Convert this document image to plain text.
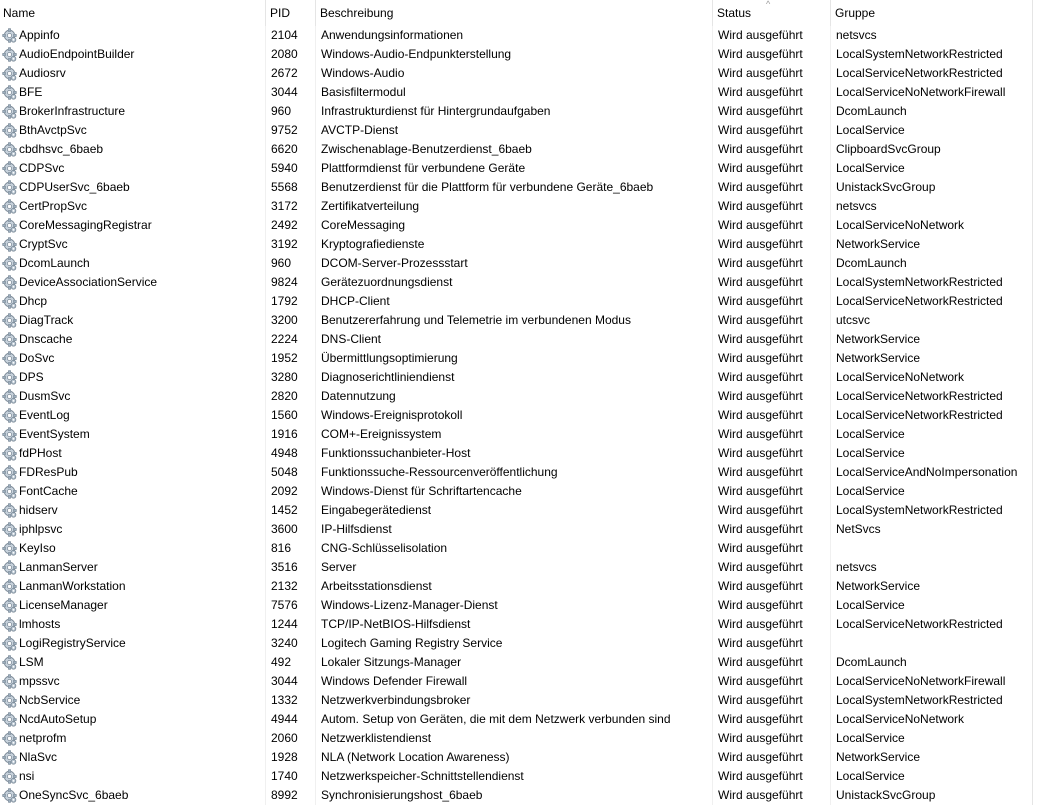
Name	PID	Beschreibung	Status	Gruppe
^
Appinfo	2104	Anwendungsinformationen	Wird ausgeführt	netsvcs
AudioEndpointBuilder	2080	Windows-Audio-Endpunkterstellung	Wird ausgeführt	LocalSystemNetworkRestricted
Audiosrv	2672	Windows-Audio	Wird ausgeführt	LocalServiceNetworkRestricted
BFE	3044	Basisfiltermodul	Wird ausgeführt	LocalServiceNoNetworkFirewall
BrokerInfrastructure	960	Infrastrukturdienst für Hintergrundaufgaben	Wird ausgeführt	DcomLaunch
BthAvctpSvc	9752	AVCTP-Dienst	Wird ausgeführt	LocalService
cbdhsvc_6baeb	6620	Zwischenablage-Benutzerdienst_6baeb	Wird ausgeführt	ClipboardSvcGroup
CDPSvc	5940	Plattformdienst für verbundene Geräte	Wird ausgeführt	LocalService
CDPUserSvc_6baeb	5568	Benutzerdienst für die Plattform für verbundene Geräte_6baeb	Wird ausgeführt	UnistackSvcGroup
CertPropSvc	3172	Zertifikatverteilung	Wird ausgeführt	netsvcs
CoreMessagingRegistrar	2492	CoreMessaging	Wird ausgeführt	LocalServiceNoNetwork
CryptSvc	3192	Kryptografiedienste	Wird ausgeführt	NetworkService
DcomLaunch	960	DCOM-Server-Prozessstart	Wird ausgeführt	DcomLaunch
DeviceAssociationService	9824	Gerätezuordnungsdienst	Wird ausgeführt	LocalSystemNetworkRestricted
Dhcp	1792	DHCP-Client	Wird ausgeführt	LocalServiceNetworkRestricted
DiagTrack	3200	Benutzererfahrung und Telemetrie im verbundenen Modus	Wird ausgeführt	utcsvc
Dnscache	2224	DNS-Client	Wird ausgeführt	NetworkService
DoSvc	1952	Übermittlungsoptimierung	Wird ausgeführt	NetworkService
DPS	3280	Diagnoserichtliniendienst	Wird ausgeführt	LocalServiceNoNetwork
DusmSvc	2820	Datennutzung	Wird ausgeführt	LocalServiceNetworkRestricted
EventLog	1560	Windows-Ereignisprotokoll	Wird ausgeführt	LocalServiceNetworkRestricted
EventSystem	1916	COM+-Ereignissystem	Wird ausgeführt	LocalService
fdPHost	4948	Funktionssuchanbieter-Host	Wird ausgeführt	LocalService
FDResPub	5048	Funktionssuche-Ressourcenveröffentlichung	Wird ausgeführt	LocalServiceAndNoImpersonation
FontCache	2092	Windows-Dienst für Schriftartencache	Wird ausgeführt	LocalService
hidserv	1452	Eingabegerätedienst	Wird ausgeführt	LocalSystemNetworkRestricted
iphlpsvc	3600	IP-Hilfsdienst	Wird ausgeführt	NetSvcs
KeyIso	816	CNG-Schlüsselisolation	Wird ausgeführt
LanmanServer	3516	Server	Wird ausgeführt	netsvcs
LanmanWorkstation	2132	Arbeitsstationsdienst	Wird ausgeführt	NetworkService
LicenseManager	7576	Windows-Lizenz-Manager-Dienst	Wird ausgeführt	LocalService
lmhosts	1244	TCP/IP-NetBIOS-Hilfsdienst	Wird ausgeführt	LocalServiceNetworkRestricted
LogiRegistryService	3240	Logitech Gaming Registry Service	Wird ausgeführt
LSM	492	Lokaler Sitzungs-Manager	Wird ausgeführt	DcomLaunch
mpssvc	3044	Windows Defender Firewall	Wird ausgeführt	LocalServiceNoNetworkFirewall
NcbService	1332	Netzwerkverbindungsbroker	Wird ausgeführt	LocalSystemNetworkRestricted
NcdAutoSetup	4944	Autom. Setup von Geräten, die mit dem Netzwerk verbunden sind	Wird ausgeführt	LocalServiceNoNetwork
netprofm	2060	Netzwerklistendienst	Wird ausgeführt	LocalService
NlaSvc	1928	NLA (Network Location Awareness)	Wird ausgeführt	NetworkService
nsi	1740	Netzwerkspeicher-Schnittstellendienst	Wird ausgeführt	LocalService
OneSyncSvc_6baeb	8992	Synchronisierungshost_6baeb	Wird ausgeführt	UnistackSvcGroup
